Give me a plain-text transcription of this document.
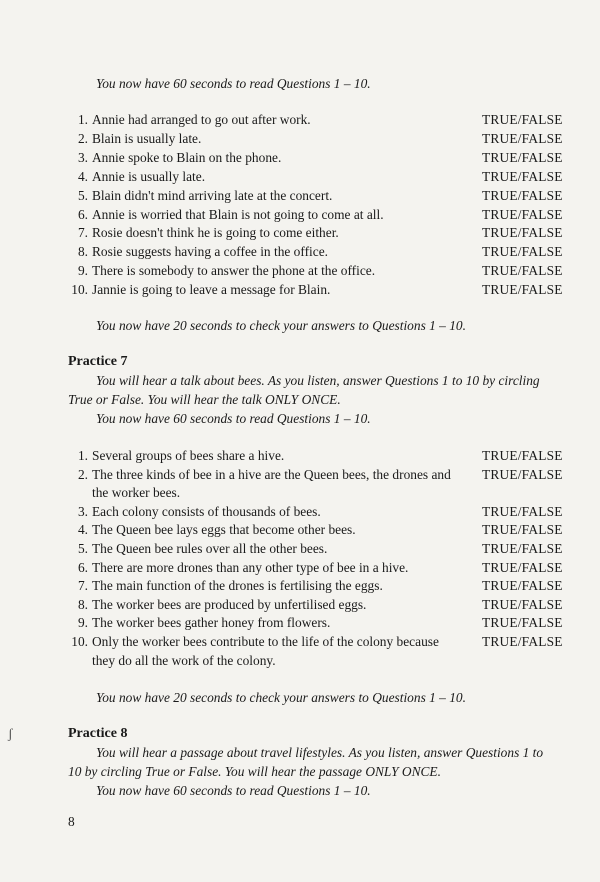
You now have 60 seconds to read Questions 1 – 10.
1. Annie had arranged to go out after work.	TRUE/FALSE
2. Blain is usually late.	TRUE/FALSE
3. Annie spoke to Blain on the phone.	TRUE/FALSE
4. Annie is usually late.	TRUE/FALSE
5. Blain didn't mind arriving late at the concert.	TRUE/FALSE
6. Annie is worried that Blain is not going to come at all.	TRUE/FALSE
7. Rosie doesn't think he is going to come either.	TRUE/FALSE
8. Rosie suggests having a coffee in the office.	TRUE/FALSE
9. There is somebody to answer the phone at the office.	TRUE/FALSE
10. Jannie is going to leave a message for Blain.	TRUE/FALSE
You now have 20 seconds to check your answers to Questions 1 – 10.
Practice 7
You will hear a talk about bees. As you listen, answer Questions 1 to 10 by circling
True or False. You will hear the talk ONLY ONCE.
You now have 60 seconds to read Questions 1 – 10.
1. Several groups of bees share a hive.	TRUE/FALSE
2. The three kinds of bee in a hive are the Queen bees, the drones and TRUE/FALSE
the worker bees.
3. Each colony consists of thousands of bees.	TRUE/FALSE
4. The Queen bee lays eggs that become other bees.	TRUE/FALSE
5. The Queen bee rules over all the other bees.	TRUE/FALSE
6. There are more drones than any other type of bee in a hive.	TRUE/FALSE
7. The main function of the drones is fertilising the eggs.	TRUE/FALSE
8. The worker bees are produced by unfertilised eggs.	TRUE/FALSE
9. The worker bees gather honey from flowers.	TRUE/FALSE
10. Only the worker bees contribute to the life of the colony because	TRUE/FALSE
they do all the work of the colony.
You now have 20 seconds to check your answers to Questions 1 – 10.
ʃ	Practice 8
You will hear a passage about travel lifestyles. As you listen, answer Questions 1 to
10 by circling True or False. You will hear the passage ONLY ONCE.
You now have 60 seconds to read Questions 1 – 10.
8
